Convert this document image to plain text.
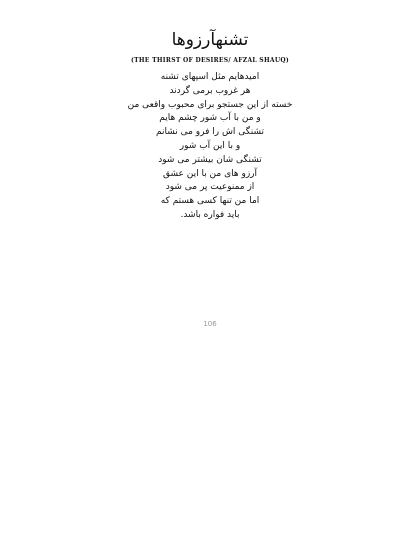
تشنهآرزوها
(THE THIRST OF DESIRES/ AFZAL SHAUQ)
امیدهایم مثل اسپهای تشنه
هر غروب برمی گردند
خسته از این جستجو برای محبوب واقعی من
و من با آب شور چشم هایم
تشنگی اش را فرو می نشانم
و با این آب شور
تشنگی شان بیشتر می شود
آرزو های من با این عشق
از ممنوعیت پر می شود
اما من تنها کسی هستم که
باید فواره باشد.
106
